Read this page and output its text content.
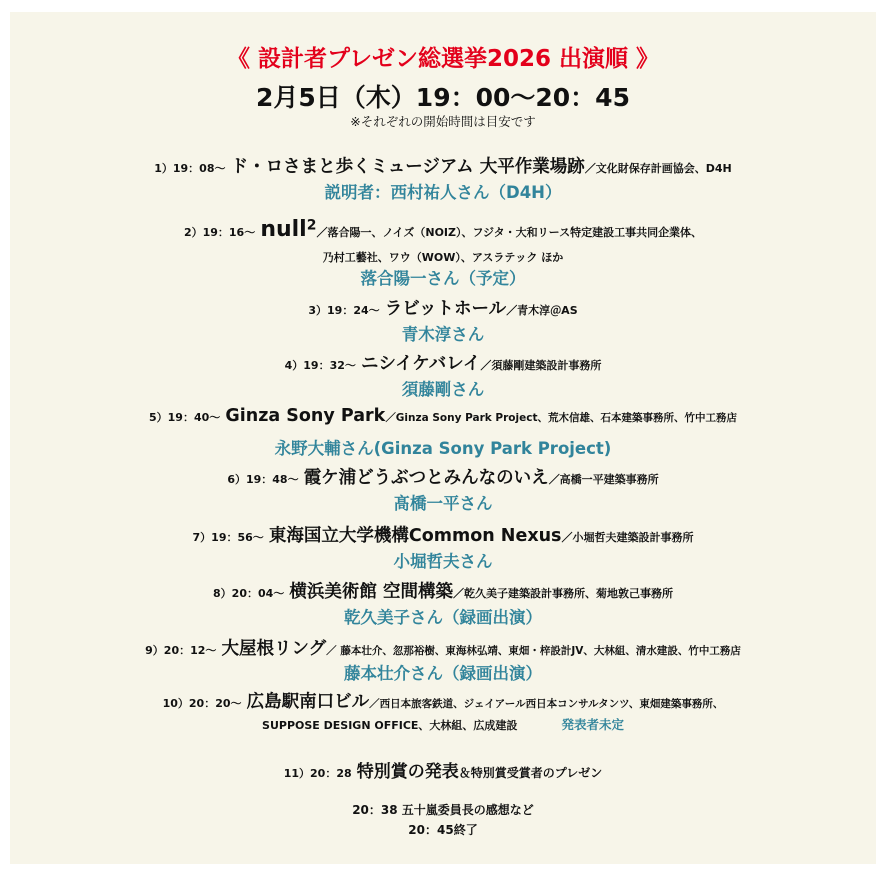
《 設計者プレゼン総選挙2026 出演順 》
2月5日（木）19：00～20：45
※それぞれの開始時間は目安です
1）19：08～ ド・ロさまと歩くミュージアム 大平作業場跡／文化財保存計画協会、D4H
説明者：西村祐人さん（D4H）
2）19：16～ null$^2$／落合陽一、ノイズ（NOIZ）、フジタ・大和リース特定建設工事共同企業体、
乃村工藝社、ワウ（WOW）、アスラテック ほか
落合陽一さん（予定）
3）19：24～ ラビットホール／青木淳＠AS
青木淳さん
4）19：32～ ニシイケバレイ／須藤剛建築設計事務所
須藤剛さん
5）19：40～ Ginza Sony Park／Ginza Sony Park Project、荒木信雄、石本建築事務所、竹中工務店
永野大輔さん(Ginza Sony Park Project)
6）19：48～ 霞ケ浦どうぶつとみんなのいえ／高橋一平建築事務所
髙橋一平さん
7）19：56～ 東海国立大学機構Common Nexus／小堀哲夫建築設計事務所
小堀哲夫さん
8）20：04～ 横浜美術館 空間構築／乾久美子建築設計事務所、菊地敦己事務所
乾久美子さん（録画出演）
9）20：12～ 大屋根リング／ 藤本壮介、忽那裕樹、東海林弘靖、東畑・梓設計JV、大林組、清水建設、竹中工務店
藤本壮介さん（録画出演）
10）20：20～ 広島駅南口ビル／西日本旅客鉄道、ジェイアール西日本コンサルタンツ、東畑建築事務所、
SUPPOSE DESIGN OFFICE、大林組、広成建設	発表者未定
11）20：28 特別賞の発表＆特別賞受賞者のプレゼン
20：38 五十嵐委員長の感想など
20：45終了
